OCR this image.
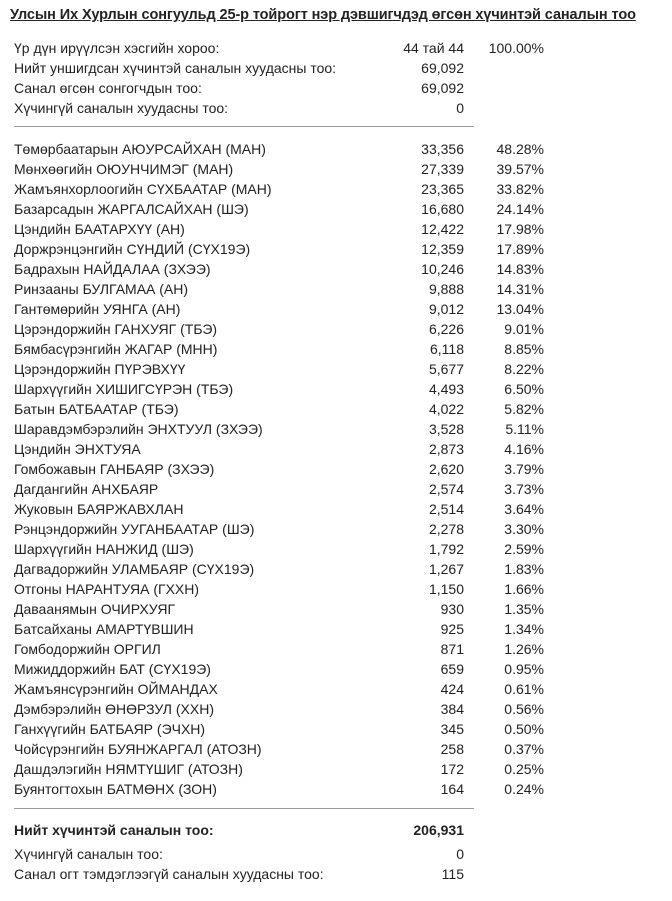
Улсын Их Хурлын сонгуульд 25-р тойрогт нэр дэвшигчдэд өгсөн хүчинтэй саналын тоо
Үр дүн ирүүлсэн хэсгийн хороо:	44 тай 44 100.00%
Нийт уншигдсан хүчинтэй саналын хуудасны тоо:	69,092
Санал өгсөн сонгогчдын тоо:	69,092
Хүчингүй саналын хуудасны тоо:	0
Төмөрбаатарын АЮУРСАЙХАН (МАН)	33,356 48.28%
Мөнхөөгийн ОЮУНЧИМЭГ (МАН)	27,339 39.57%
Жамъянхорлоогийн СҮХБААТАР (МАН)	23,365 33.82%
Базарсадын ЖАРГАЛСАЙХАН (ШЭ)	16,680 24.14%
Цэндийн БААТАРХҮҮ (АН)	12,422 17.98%
Доржрэнцэнгийн СҮНДИЙ (СҮХ19Э)	12,359 17.89%
Бадрахын НАЙДАЛАА (ЗХЭЭ)	10,246 14.83%
Ринзааны БУЛГАМАА (АН)	9,888 14.31%
Гантөмөрийн УЯНГА (АН)	9,012 13.04%
Цэрэндоржийн ГАНХУЯГ (ТБЭ)	6,226	9.01%
Бямбасүрэнгийн ЖАГАР (МНН)	6,118	8.85%
Цэрэндоржийн ПҮРЭВХҮҮ	5,677	8.22%
Шархүүгийн ХИШИГСҮРЭН (ТБЭ)	4,493	6.50%
Батын БАТБААТАР (ТБЭ)	4,022	5.82%
Шаравдэмбэрэлийн ЭНХТУУЛ (ЗХЭЭ)	3,528	5.11%
Цэндийн ЭНХТУЯА	2,873	4.16%
Гомбожавын ГАНБАЯР (ЗХЭЭ)	2,620	3.79%
Дагдангийн АНХБАЯР	2,574	3.73%
Жуковын БАЯРЖАВХЛАН	2,514	3.64%
Рэнцэндоржийн УУГАНБААТАР (ШЭ)	2,278	3.30%
Шархүүгийн НАНЖИД (ШЭ)	1,792	2.59%
Дагвадоржийн УЛАМБАЯР (СҮХ19Э)	1,267	1.83%
Отгоны НАРАНТУЯА (ГХХН)	1,150	1.66%
Даваанямын ОЧИРХУЯГ	930	1.35%
Батсайханы АМАРТҮВШИН	925	1.34%
Гомбодоржийн ОРГИЛ	871	1.26%
Мижиддоржийн БАТ (СҮХ19Э)	659	0.95%
Жамъянсүрэнгийн ОЙМАНДАХ	424	0.61%
Дэмбэрэлийн ӨНӨРЗУЛ (ХХН)	384	0.56%
Ганхүүгийн БАТБАЯР (ЭЧХН)	345	0.50%
Чойсүрэнгийн БУЯНЖАРГАЛ (АТОЗН)	258	0.37%
Дашдэлэгийн НЯМТҮШИГ (АТОЗН)	172	0.25%
Буянтогтохын БАТМӨНХ (ЗОН)	164	0.24%
Нийт хүчинтэй саналын тоо:	206,931
Хүчингүй саналын тоо:	0
Санал огт тэмдэглээгүй саналын хуудасны тоо:	115
